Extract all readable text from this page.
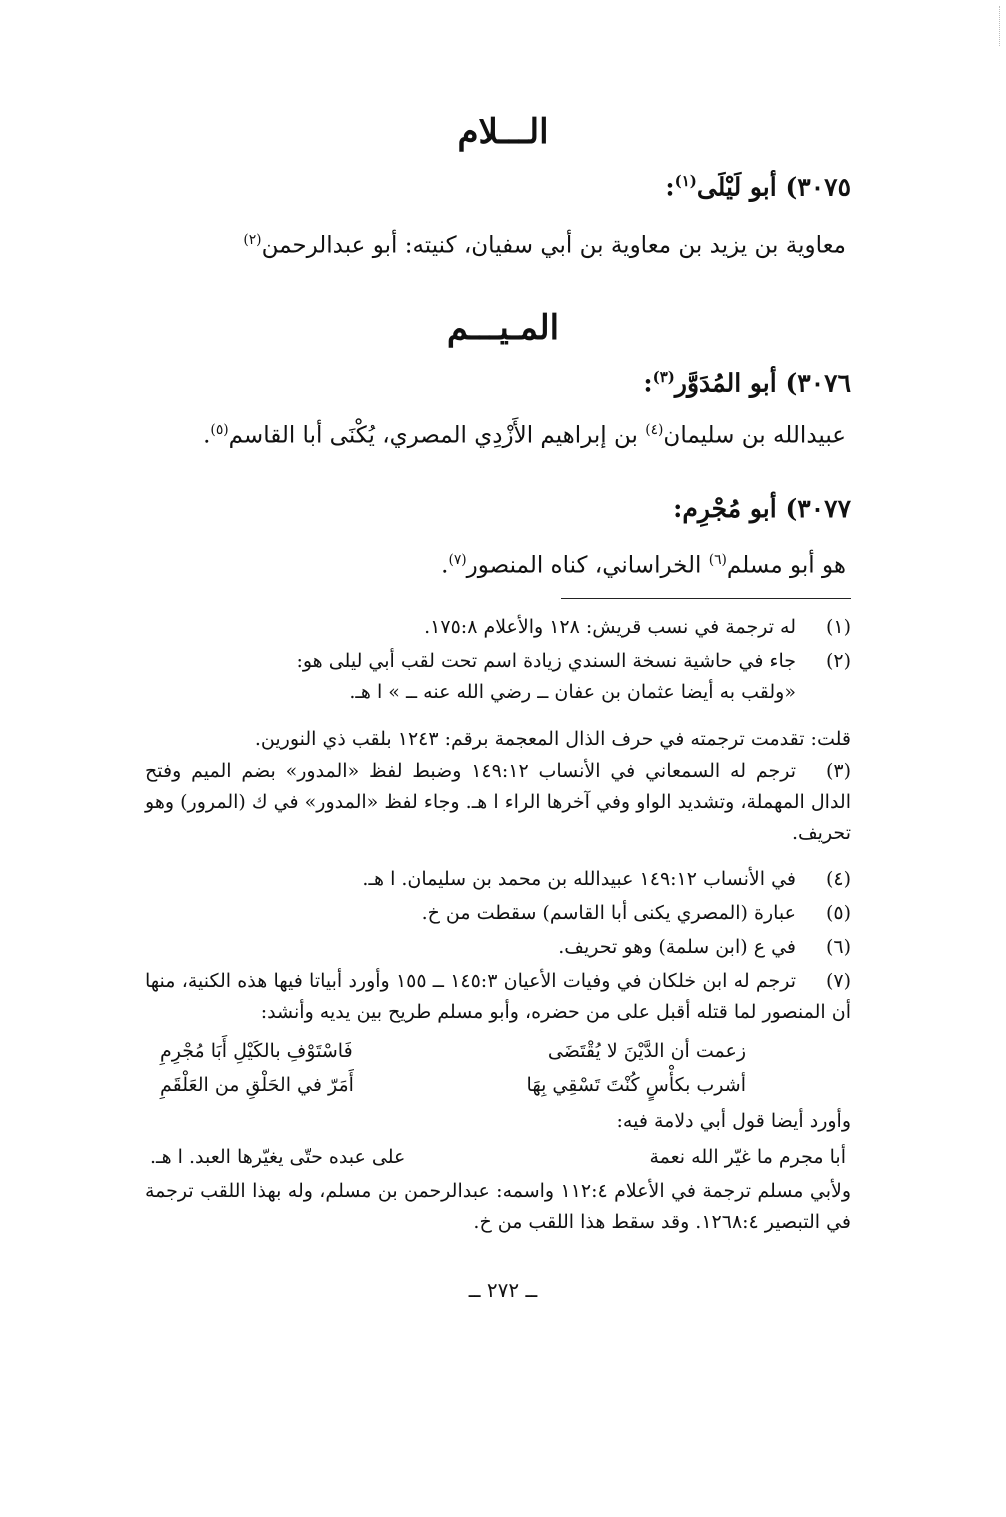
الـــلام
٣٠٧٥) أبو لَيْلَى$^{(١)}$:
معاوية بن يزيد بن معاوية بن أبي سفيان، كنيته: أبو عبدالرحمن$^{(٢)}$
المـيـــم
٣٠٧٦) أبو المُدَوَّر$^{(٣)}$:
عبيدالله بن سليمان$^{(٤)}$ بن إبراهيم الأَزْدِي المصري، يُكْنَى أبا القاسم$^{(٥)}$.
٣٠٧٧) أبو مُجْرِم:
هو أبو مسلم$^{(٦)}$ الخراساني، كناه المنصور$^{(٧)}$.
(١)
له ترجمة في نسب قريش: ١٢٨ والأعلام ١٧٥:٨.
(٢)
جاء في حاشية نسخة السندي زيادة اسم تحت لقب أبي ليلى هو:
«ولقب به أيضا عثمان بن عفان ــ رضي الله عنه ــ » ا هـ.
قلت: تقدمت ترجمته في حرف الذال المعجمة برقم: ١٢٤٣ بلقب ذي النورين.
(٣)
ترجم له السمعاني في الأنساب ١٤٩:١٢ وضبط لفظ «المدور» بضم الميم وفتح الدال المهملة، وتشديد الواو وفي آخرها الراء ا هـ. وجاء لفظ «المدور» في ك (المرور) وهو تحريف.
(٤)
في الأنساب ١٤٩:١٢ عبيدالله بن محمد بن سليمان. ا هـ.
(٥)
عبارة (المصري يكنى أبا القاسم) سقطت من خ.
(٦)
في ع (ابن سلمة) وهو تحريف.
(٧)
ترجم له ابن خلكان في وفيات الأعيان ١٤٥:٣ ــ ١٥٥ وأورد أبياتا فيها هذه الكنية، منها أن المنصور لما قتله أقبل على من حضره، وأبو مسلم طريح بين يديه وأنشد:
زعمت أن الدَّيْنَ لا يُقْتَضَى
فَاسْتَوْفِ بالكَيْلِ أَبَا مُجْرِمِ
أشرب بكأْسٍ كُنْتَ تَسْقِي بِهَا
أَمَرّ في الحَلْقِ من العَلْقَمِ
وأورد أيضا قول أبي دلامة فيه:
أبا مجرم ما غيّر الله نعمة
على عبده حتّى يغيّرها العبد. ا هـ.
ولأبي مسلم ترجمة في الأعلام ١١٢:٤ واسمه: عبدالرحمن بن مسلم، وله بهذا اللقب ترجمة في التبصير ١٢٦٨:٤. وقد سقط هذا اللقب من خ.
ــ ٢٧٢ ــ
